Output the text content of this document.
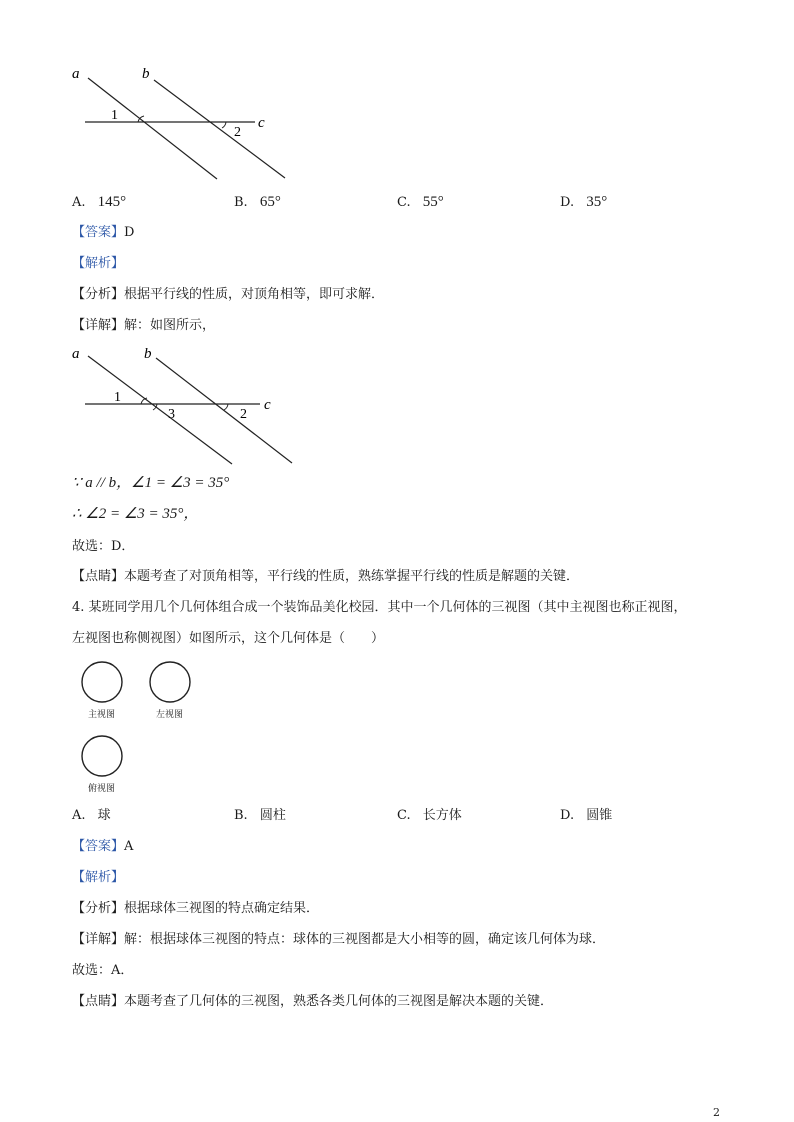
a	b
c
1
2
A. 145°	B. 65°	C. 55°	D. 35°
【答案】D
【解析】
【分析】根据平行线的性质，对顶角相等，即可求解．
【详解】解：如图所示，
a	b
c
1
3	2
∵ a // b，∠1 = ∠3 = 35°
∴ ∠2 = ∠3 = 35°，
故选：D．
【点睛】本题考查了对顶角相等，平行线的性质，熟练掌握平行线的性质是解题的关键．
4. 某班同学用几个几何体组合成一个装饰品美化校园．其中一个几何体的三视图（其中主视图也称正视图，
左视图也称侧视图）如图所示，这个几何体是（　　）
主视图	左视图
俯视图
A. 球	B. 圆柱	C. 长方体	D. 圆锥
【答案】A
【解析】
【分析】根据球体三视图的特点确定结果．
【详解】解：根据球体三视图的特点：球体的三视图都是大小相等的圆，确定该几何体为球．
故选：A．
【点睛】本题考查了几何体的三视图，熟悉各类几何体的三视图是解决本题的关键．
2
